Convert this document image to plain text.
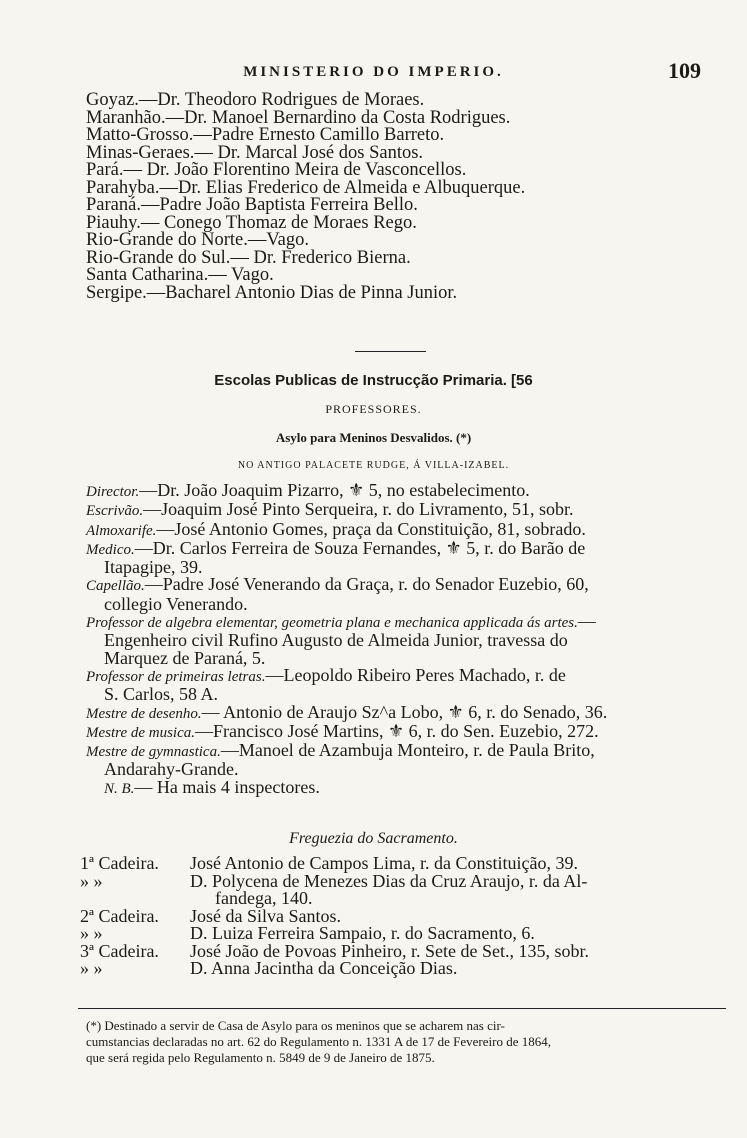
MINISTERIO DO IMPERIO.	109

Goyaz.—Dr. Theodoro Rodrigues de Moraes.

Maranhão.—Dr. Manoel Bernardino da Costa Rodrigues.

Matto-Grosso.—Padre Ernesto Camillo Barreto.

Minas-Geraes.— Dr. Marcal José dos Santos.

Pará.— Dr. João Florentino Meira de Vasconcellos.

Parahyba.—Dr. Elias Frederico de Almeida e Albuquerque.

Paraná.—Padre João Baptista Ferreira Bello.

Piauhy.— Conego Thomaz de Moraes Rego.

Rio-Grande do Norte.—Vago.

Rio-Grande do Sul.— Dr. Frederico Bierna.

Santa Catharina.— Vago.

Sergipe.—Bacharel Antonio Dias de Pinna Junior.

Escolas Publicas de Instrucção Primaria. [56
PROFESSORES.
Asylo para Meninos Desvalidos. (*)
NO ANTIGO PALACETE RUDGE, Á VILLA-IZABEL.

Director.—Dr. João Joaquim Pizarro, ⚜ 5, no estabelecimento.

Escrivão.—Joaquim José Pinto Serqueira, r. do Livramento, 51, sobr.

Almoxarife.—José Antonio Gomes, praça da Constituição, 81, sobrado.

Medico.—Dr. Carlos Ferreira de Souza Fernandes, ⚜ 5, r. do Barão de

Itapagipe, 39.

Capellão.—Padre José Venerando da Graça, r. do Senador Euzebio, 60,

collegio Venerando.

Professor de algebra elementar, geometria plana e mechanica applicada ás artes.—

Engenheiro civil Rufino Augusto de Almeida Junior, travessa do

Marquez de Paraná, 5.

Professor de primeiras letras.—Leopoldo Ribeiro Peres Machado, r. de

S. Carlos, 58 A.

Mestre de desenho.— Antonio de Araujo Sz^a Lobo, ⚜ 6, r. do Senado, 36.

Mestre de musica.—Francisco José Martins, ⚜ 6, r. do Sen. Euzebio, 272.

Mestre de gymnastica.—Manoel de Azambuja Monteiro, r. de Paula Brito,

Andarahy-Grande.

N. B.— Ha mais 4 inspectores.

Freguezia do Sacramento.
1ª Cadeira.	José Antonio de Campos Lima, r. da Constituição, 39.
» »	D. Polycena de Menezes Dias da Cruz Araujo, r. da Al-
fandega, 140.
2ª Cadeira.	José da Silva Santos.
» »	D. Luiza Ferreira Sampaio, r. do Sacramento, 6.
3ª Cadeira.	José João de Povoas Pinheiro, r. Sete de Set., 135, sobr.
» »	D. Anna Jacintha da Conceição Dias.

(*) Destinado a servir de Casa de Asylo para os meninos que se acharem nas cir-

cumstancias declaradas no art. 62 do Regulamento n. 1331 A de 17 de Fevereiro de 1864,

que será regida pelo Regulamento n. 5849 de 9 de Janeiro de 1875.
